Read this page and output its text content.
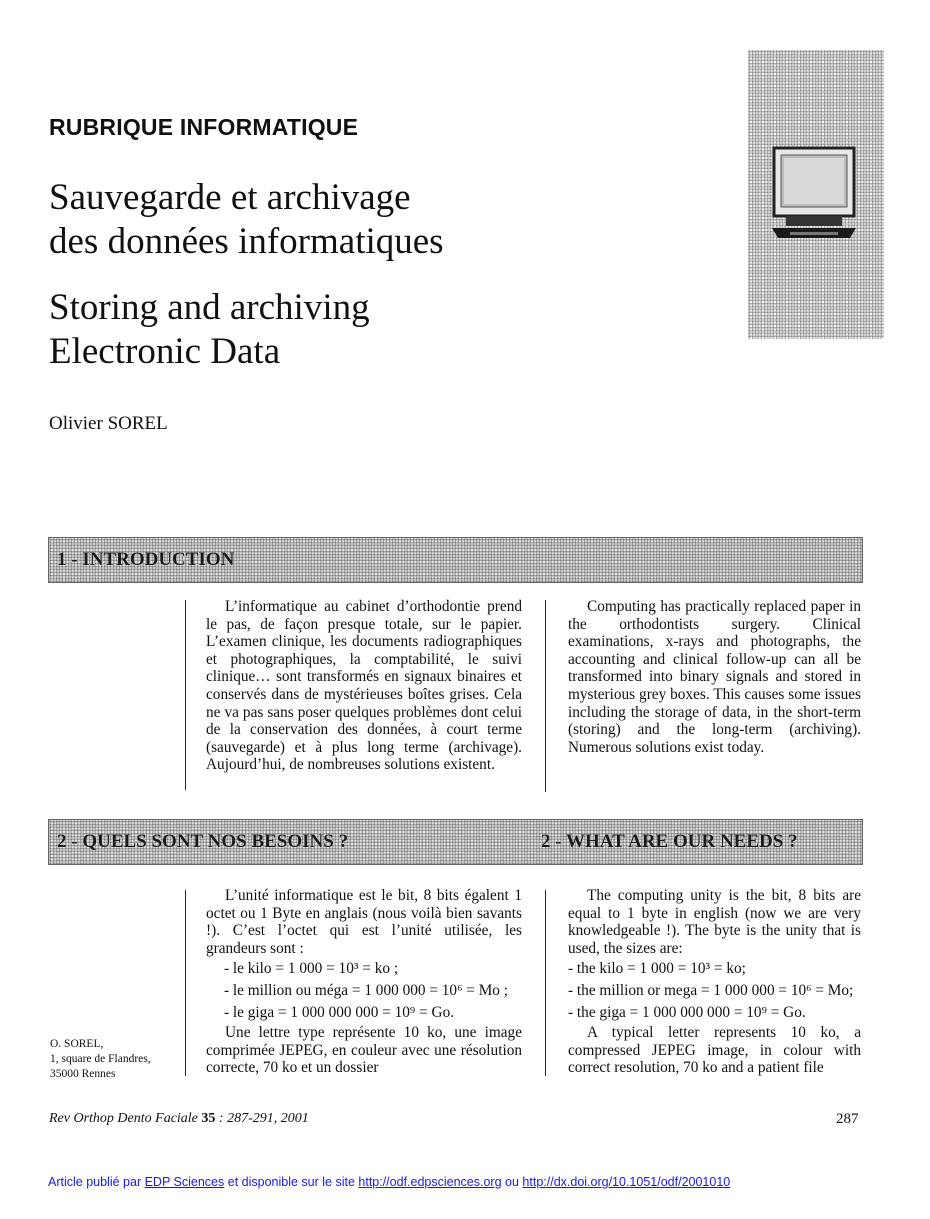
RUBRIQUE INFORMATIQUE
Sauvegarde et archivage
des données informatiques
Storing and archiving
Electronic Data
Olivier SOREL
1 - INTRODUCTION

L’informatique au cabinet d’orthodontie prend le pas, de façon presque totale, sur le papier. L’examen clinique, les documents radiographiques et photographiques, la comptabilité, le suivi clinique… sont transformés en signaux binaires et conservés dans de mystérieuses boîtes grises. Cela ne va pas sans poser quelques problèmes dont celui de la conservation des données, à court terme (sauvegarde) et à plus long terme (archivage). Aujourd’hui, de nombreuses solutions existent.

Computing has practically replaced paper in the orthodontists surgery. Clinical examinations, x-rays and photographs, the accounting and clinical follow-up can all be transformed into binary signals and stored in mysterious grey boxes. This causes some issues including the storage of data, in the short-term (storing) and the long-term (archiving). Numerous solutions exist today.

2 - QUELS SONT NOS BESOINS ?	2 - WHAT ARE OUR NEEDS ?

L’unité informatique est le bit, 8 bits égalent 1 octet ou 1 Byte en anglais (nous voilà bien savants !). C’est l’octet qui est l’unité utilisée, les grandeurs sont :

- le kilo = 1 000 = 10³ = ko ;

- le million ou méga = 1 000 000 = 10⁶ = Mo ;

- le giga = 1 000 000 000 = 10⁹ = Go.

Une lettre type représente 10 ko, une image comprimée JEPEG, en couleur avec une résolution correcte, 70 ko et un dossier

The computing unity is the bit, 8 bits are equal to 1 byte in english (now we are very knowledgeable !). The byte is the unity that is used, the sizes are:

- the kilo = 1 000 = 10³ = ko;

- the million or mega = 1 000 000 = 10⁶ = Mo;

- the giga = 1 000 000 000 = 10⁹ = Go.

A typical letter represents 10 ko, a compressed JEPEG image, in colour with correct resolution, 70 ko and a patient file

O. SOREL,
1, square de Flandres,
35000 Rennes
Rev Orthop Dento Faciale 35 : 287-291, 2001	287
Article publié par EDP Sciences et disponible sur le site http://odf.edpsciences.org ou http://dx.doi.org/10.1051/odf/2001010
